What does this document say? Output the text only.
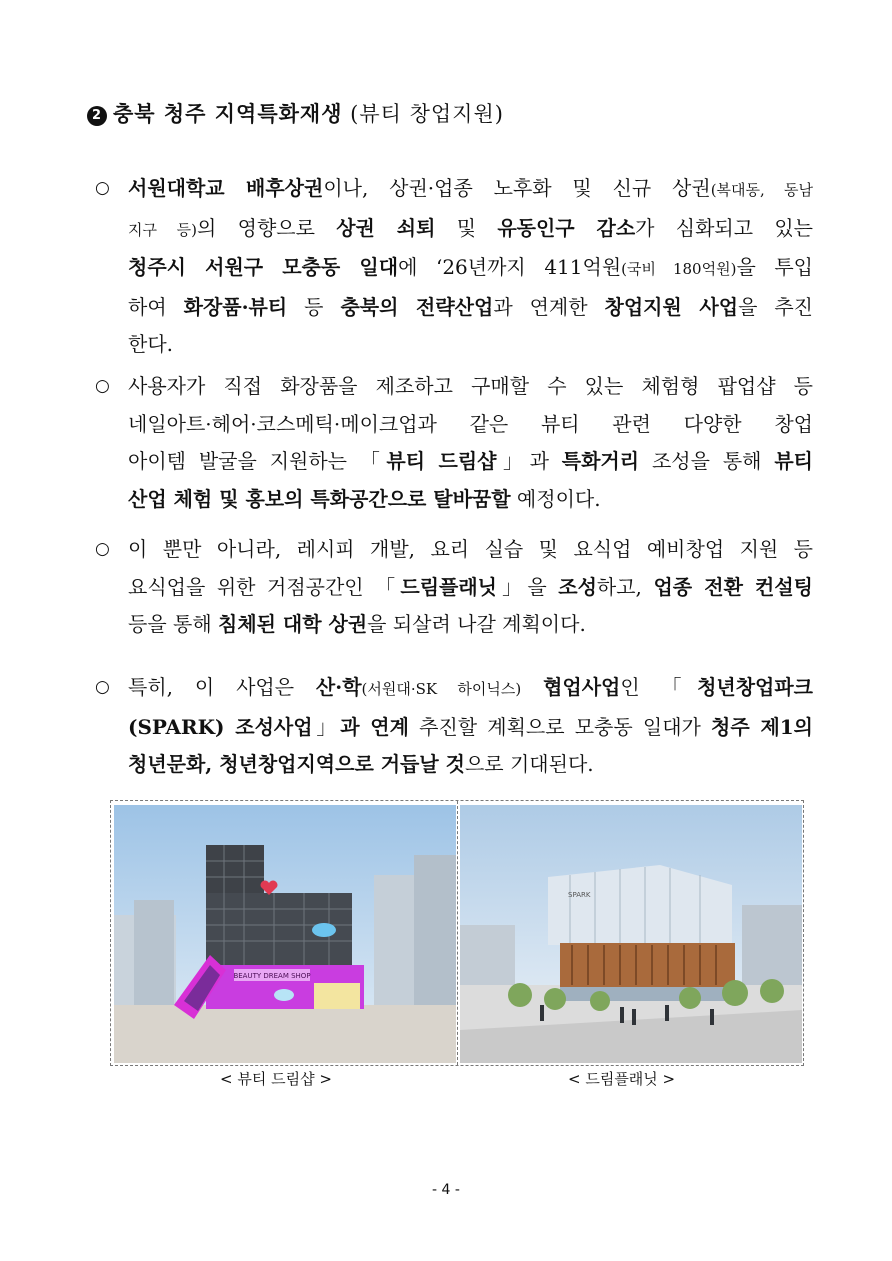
2 충북 청주 지역특화재생 (뷰티 창업지원)
○ 서원대학교 배후상권이나, 상권·업종 노후화 및 신규 상권(복대동, 동남
지구 등)의 영향으로 상권 쇠퇴 및 유동인구 감소가 심화되고 있는
청주시 서원구 모충동 일대에 ‘26년까지 411억원(국비 180억원)을 투입
하여 화장품·뷰티 등 충북의 전략산업과 연계한 창업지원 사업을 추진
한다.
○ 사용자가 직접 화장품을 제조하고 구매할 수 있는 체험형 팝업샵 등
네일아트·헤어·코스메틱·메이크업과 같은 뷰티 관련 다양한 창업
아이템 발굴을 지원하는 「뷰티 드림샵」과 특화거리 조성을 통해 뷰티
산업 체험 및 홍보의 특화공간으로 탈바꿈할 예정이다.
○ 이 뿐만 아니라, 레시피 개발, 요리 실습 및 요식업 예비창업 지원 등
요식업을 위한 거점공간인 「드림플래닛」을 조성하고, 업종 전환 컨설팅
등을 통해 침체된 대학 상권을 되살려 나갈 계획이다.
○ 특히, 이 사업은 산·학(서원대·SK 하이닉스) 협업사업인 「청년창업파크
(SPARK) 조성사업」과 연계 추진할 계획으로 모충동 일대가 청주 제1의
청년문화, 청년창업지역으로 거듭날 것으로 기대된다.
BEAUTY DREAM SHOP
SPARK
< 뷰티 드림샵 >	< 드림플래닛 >
- 4 -
